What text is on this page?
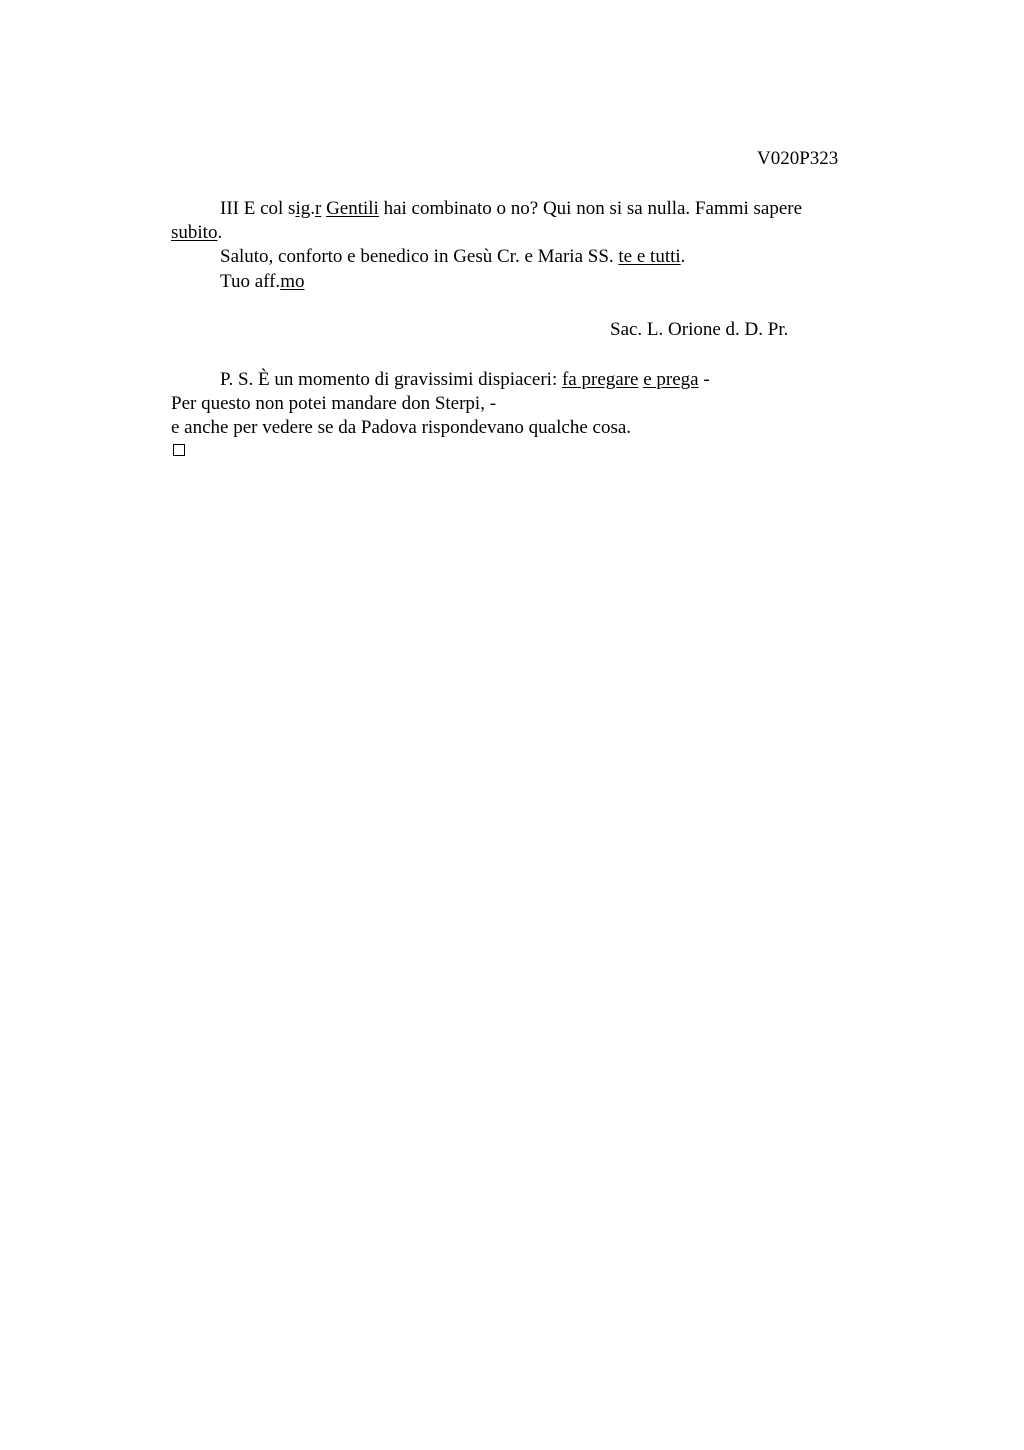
V020P323
III E col sig.r Gentili hai combinato o no? Qui non si sa nulla. Fammi sapere
subito.
Saluto, conforto e benedico in Gesù Cr. e Maria SS. te e tutti.
Tuo aff.mo
Sac. L. Orione d. D. Pr.
P. S. È un momento di gravissimi dispiaceri: fa pregare e prega -
Per questo non potei mandare don Sterpi, -
e anche per vedere se da Padova rispondevano qualche cosa.
